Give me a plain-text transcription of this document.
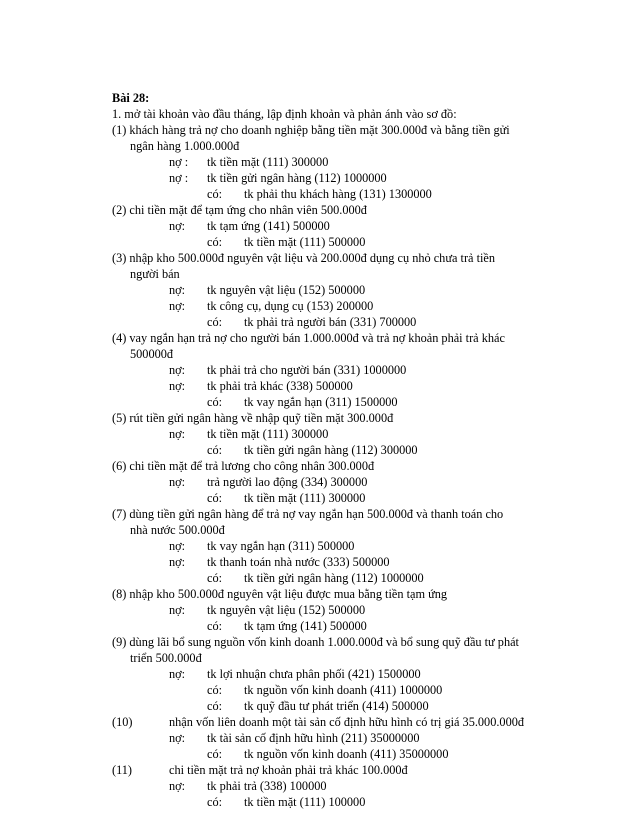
Bài 28:
1. mở tài khoản vào đầu tháng, lập định khoản và phản ánh vào sơ đồ:
(1) khách hàng trả nợ cho doanh nghiệp bằng tiền mặt 300.000đ và bằng tiền gửi
ngân hàng 1.000.000đ
nợ : tk tiền mặt (111) 300000
nợ : tk tiền gửi ngân hàng (112) 1000000
có: tk phải thu khách hàng (131) 1300000
(2) chi tiền mặt để tạm ứng cho nhân viên 500.000đ
nợ: tk tạm ứng (141) 500000
có: tk tiền mặt (111) 500000
(3) nhập kho 500.000đ nguyên vật liệu và 200.000đ dụng cụ nhỏ chưa trả tiền
người bán
nợ: tk nguyên vật liệu (152) 500000
nợ: tk công cụ, dụng cụ (153) 200000
có: tk phải trả người bán (331) 700000
(4) vay ngắn hạn trả nợ cho người bán 1.000.000đ và trả nợ khoản phải trả khác
500000đ
nợ: tk phải trả cho người bán (331) 1000000
nợ: tk phải trả khác (338) 500000
có: tk vay ngắn hạn (311) 1500000
(5) rút tiền gửi ngân hàng về nhập quỹ tiền mặt 300.000đ
nợ: tk tiền mặt (111) 300000
có: tk tiền gửi ngân hàng (112) 300000
(6) chi tiền mặt để trả lương cho công nhân 300.000đ
nợ: trả người lao động (334) 300000
có: tk tiền mặt (111) 300000
(7) dùng tiền gửi ngân hàng để trả nợ vay ngắn hạn 500.000đ và thanh toán cho
nhà nước 500.000đ
nợ: tk vay ngắn hạn (311) 500000
nợ: tk thanh toán nhà nước (333) 500000
có: tk tiền gửi ngân hàng (112) 1000000
(8) nhập kho 500.000đ nguyên vật liệu được mua bằng tiền tạm ứng
nợ: tk nguyên vật liệu (152) 500000
có: tk tạm ứng (141) 500000
(9) dùng lãi bổ sung nguồn vốn kinh doanh 1.000.000đ và bổ sung quỹ đầu tư phát
triển 500.000đ
nợ: tk lợi nhuận chưa phân phối (421) 1500000
có: tk nguồn vốn kinh doanh (411) 1000000
có: tk quỹ đầu tư phát triển (414) 500000
(10)	nhận vốn liên doanh một tài sản cố định hữu hình có trị giá 35.000.000đ
nợ: tk tài sản cố định hữu hình (211) 35000000
có: tk nguồn vốn kinh doanh (411) 35000000
(11)	chi tiền mặt trả nợ khoản phải trả khác 100.000đ
nợ: tk phải trả (338) 100000
có: tk tiền mặt (111) 100000
